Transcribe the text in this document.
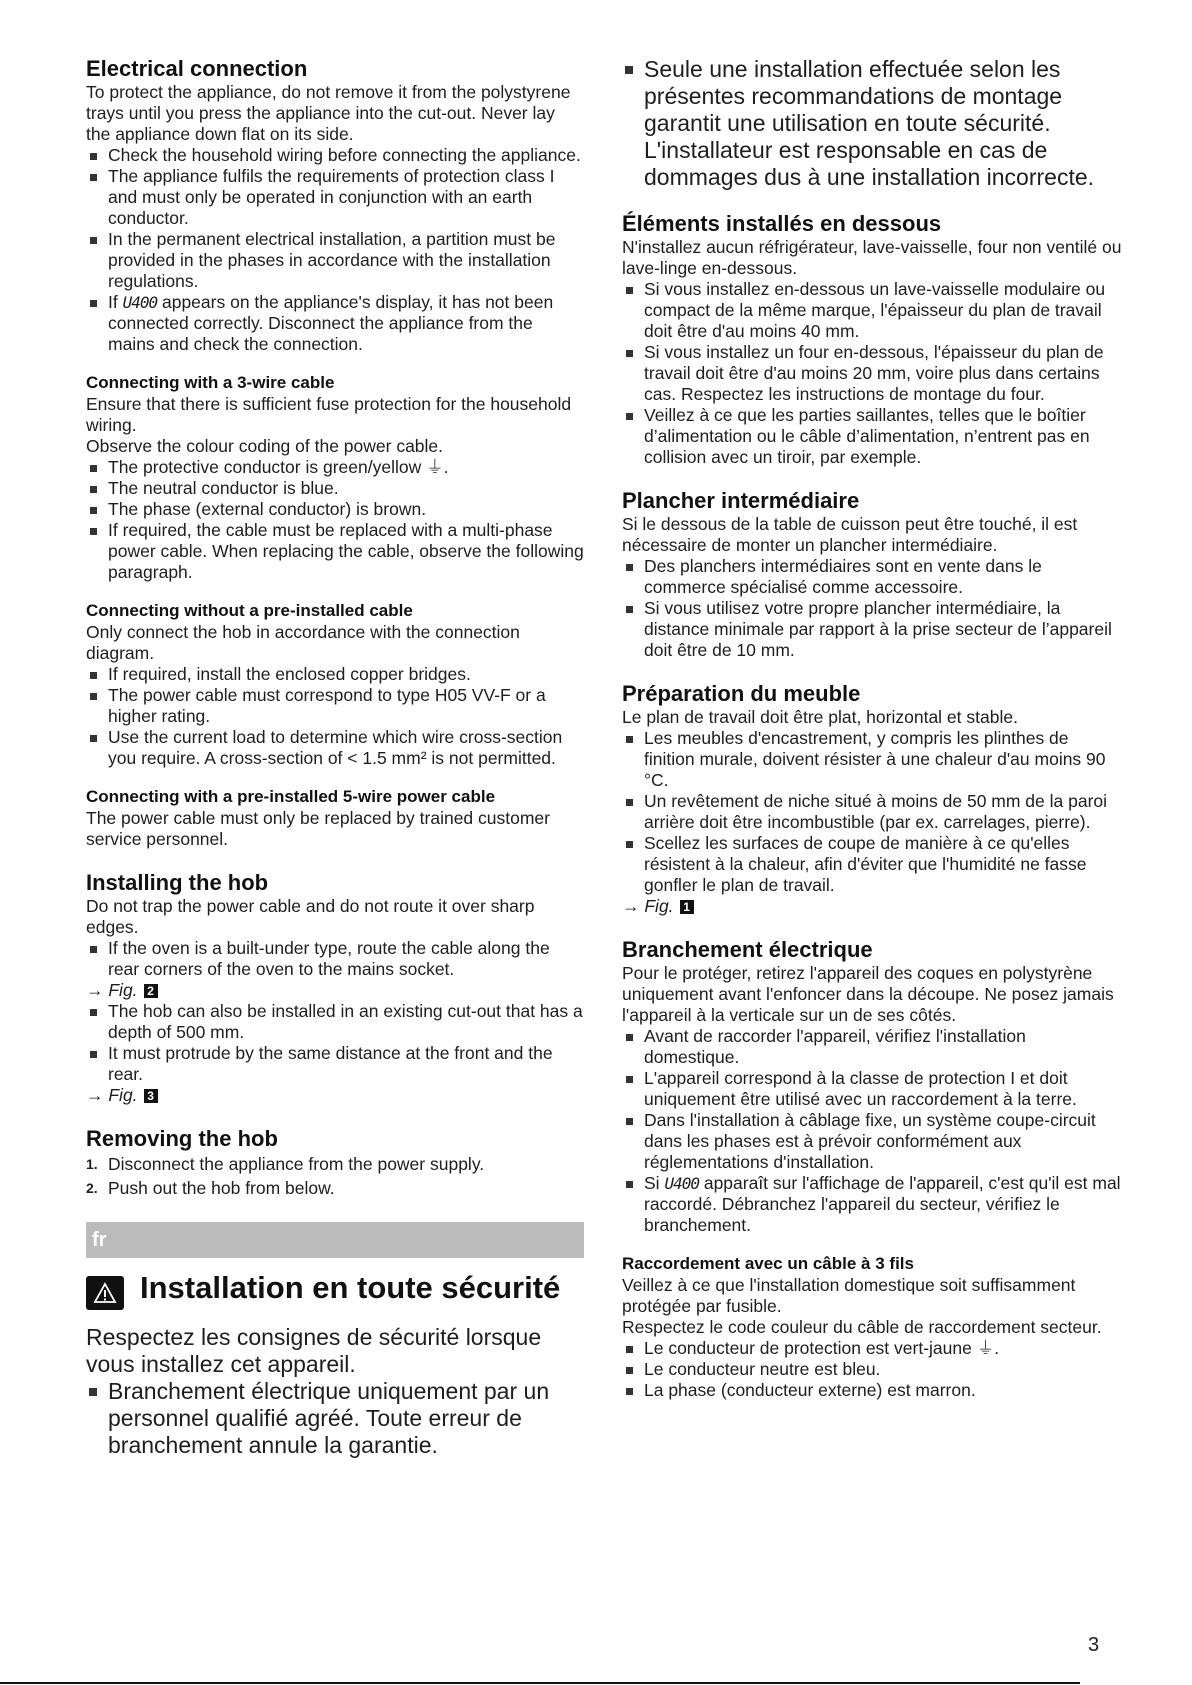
Electrical connection
To protect the appliance, do not remove it from the polystyrene trays until you press the appliance into the cut-out. Never lay the appliance down flat on its side.
Check the household wiring before connecting the appliance.
The appliance fulfils the requirements of protection class I and must only be operated in conjunction with an earth conductor.
In the permanent electrical installation, a partition must be provided in the phases in accordance with the installation regulations.
If U400 appears on the appliance's display, it has not been connected correctly. Disconnect the appliance from the mains and check the connection.
Connecting with a 3-wire cable
Ensure that there is sufficient fuse protection for the household wiring.
Observe the colour coding of the power cable.
The protective conductor is green/yellow ⏚.
The neutral conductor is blue.
The phase (external conductor) is brown.
If required, the cable must be replaced with a multi-phase power cable. When replacing the cable, observe the following paragraph.
Connecting without a pre-installed cable
Only connect the hob in accordance with the connection diagram.
If required, install the enclosed copper bridges.
The power cable must correspond to type H05 VV-F or a higher rating.
Use the current load to determine which wire cross-section you require. A cross-section of < 1.5 mm² is not permitted.
Connecting with a pre-installed 5-wire power cable
The power cable must only be replaced by trained customer service personnel.
Installing the hob
Do not trap the power cable and do not route it over sharp edges.
If the oven is a built-under type, route the cable along the rear corners of the oven to the mains socket.
→ Fig. 2
The hob can also be installed in an existing cut-out that has a depth of 500 mm.
It must protrude by the same distance at the front and the rear.
→ Fig. 3
Removing the hob
1. Disconnect the appliance from the power supply.
2. Push out the hob from below.
fr
Installation en toute sécurité
Respectez les consignes de sécurité lorsque vous installez cet appareil.
Branchement électrique uniquement par un personnel qualifié agréé. Toute erreur de branchement annule la garantie.
Seule une installation effectuée selon les présentes recommandations de montage garantit une utilisation en toute sécurité. L'installateur est responsable en cas de dommages dus à une installation incorrecte.
Éléments installés en dessous
N'installez aucun réfrigérateur, lave-vaisselle, four non ventilé ou lave-linge en-dessous.
Si vous installez en-dessous un lave-vaisselle modulaire ou compact de la même marque, l'épaisseur du plan de travail doit être d'au moins 40 mm.
Si vous installez un four en-dessous, l'épaisseur du plan de travail doit être d'au moins 20 mm, voire plus dans certains cas. Respectez les instructions de montage du four.
Veillez à ce que les parties saillantes, telles que le boîtier d’alimentation ou le câble d’alimentation, n’entrent pas en collision avec un tiroir, par exemple.
Plancher intermédiaire
Si le dessous de la table de cuisson peut être touché, il est nécessaire de monter un plancher intermédiaire.
Des planchers intermédiaires sont en vente dans le commerce spécialisé comme accessoire.
Si vous utilisez votre propre plancher intermédiaire, la distance minimale par rapport à la prise secteur de l’appareil doit être de 10 mm.
Préparation du meuble
Le plan de travail doit être plat, horizontal et stable.
Les meubles d'encastrement, y compris les plinthes de finition murale, doivent résister à une chaleur d'au moins 90 °C.
Un revêtement de niche situé à moins de 50 mm de la paroi arrière doit être incombustible (par ex. carrelages, pierre).
Scellez les surfaces de coupe de manière à ce qu'elles résistent à la chaleur, afin d'éviter que l'humidité ne fasse gonfler le plan de travail.
→ Fig. 1
Branchement électrique
Pour le protéger, retirez l'appareil des coques en polystyrène uniquement avant l'enfoncer dans la découpe. Ne posez jamais l'appareil à la verticale sur un de ses côtés.
Avant de raccorder l'appareil, vérifiez l'installation domestique.
L'appareil correspond à la classe de protection I et doit uniquement être utilisé avec un raccordement à la terre.
Dans l'installation à câblage fixe, un système coupe-circuit dans les phases est à prévoir conformément aux réglementations d'installation.
Si U400 apparaît sur l'affichage de l'appareil, c'est qu'il est mal raccordé. Débranchez l'appareil du secteur, vérifiez le branchement.
Raccordement avec un câble à 3 fils
Veillez à ce que l'installation domestique soit suffisamment protégée par fusible.
Respectez le code couleur du câble de raccordement secteur.
Le conducteur de protection est vert-jaune ⏚.
Le conducteur neutre est bleu.
La phase (conducteur externe) est marron.
3
